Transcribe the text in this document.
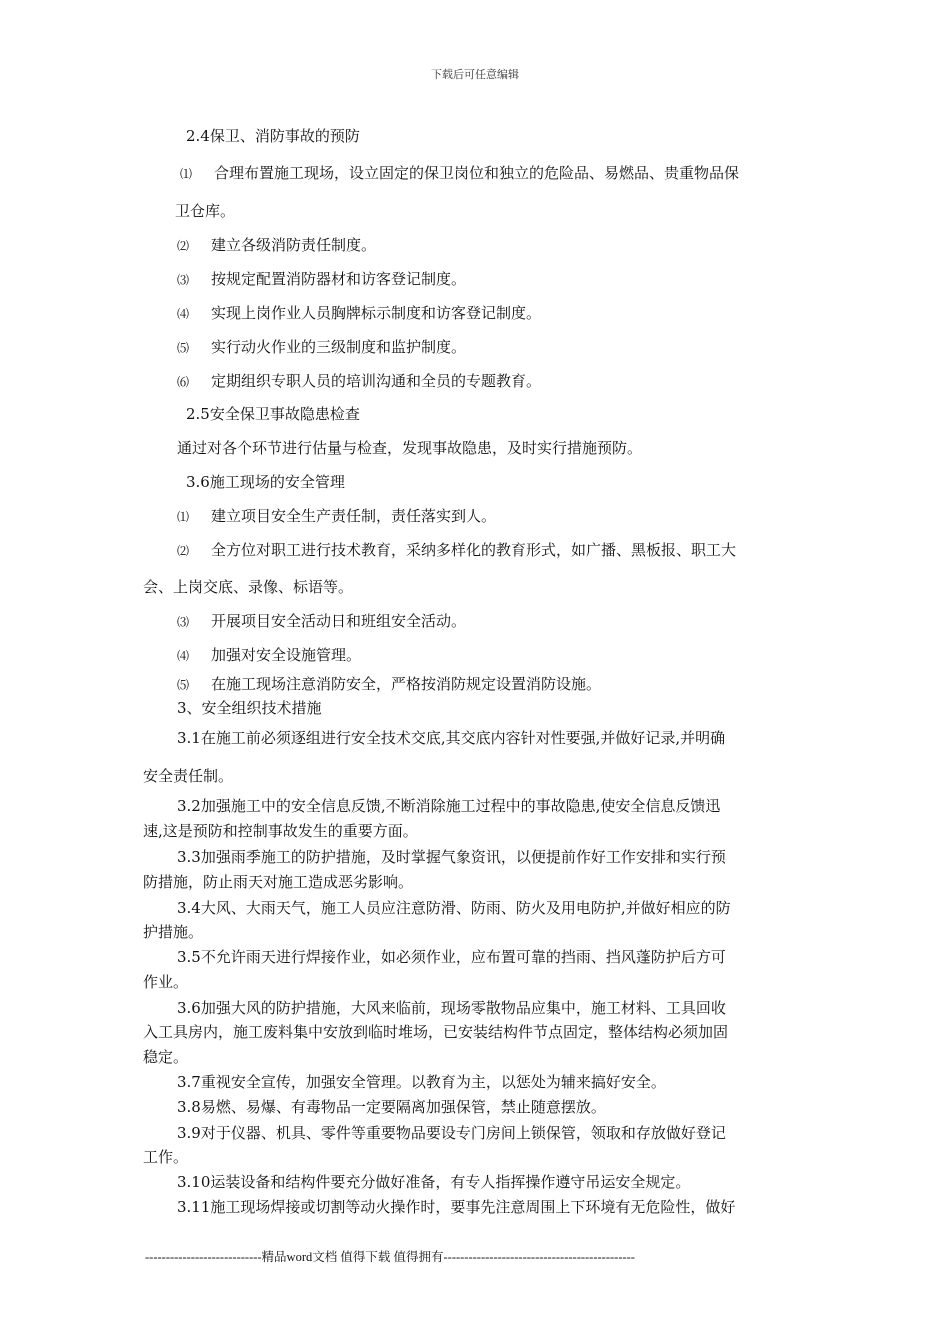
下载后可任意编辑
2.4保卫、消防事故的预防
⑴ 合理布置施工现场，设立固定的保卫岗位和独立的危险品、易燃品、贵重物品保
卫仓库。
⑵ 建立各级消防责任制度。
⑶ 按规定配置消防器材和访客登记制度。
⑷ 实现上岗作业人员胸牌标示制度和访客登记制度。
⑸ 实行动火作业的三级制度和监护制度。
⑹ 定期组织专职人员的培训沟通和全员的专题教育。
2.5安全保卫事故隐患检查
通过对各个环节进行估量与检查，发现事故隐患，及时实行措施预防。
3.6施工现场的安全管理
⑴ 建立项目安全生产责任制，责任落实到人。
⑵ 全方位对职工进行技术教育，采纳多样化的教育形式，如广播、黑板报、职工大
会、上岗交底、录像、标语等。
⑶ 开展项目安全活动日和班组安全活动。
⑷ 加强对安全设施管理。
⑸ 在施工现场注意消防安全，严格按消防规定设置消防设施。
3、安全组织技术措施
3.1在施工前必须逐组进行安全技术交底,其交底内容针对性要强,并做好记录,并明确
安全责任制。
3.2加强施工中的安全信息反馈,不断消除施工过程中的事故隐患,使安全信息反馈迅
速,这是预防和控制事故发生的重要方面。
3.3加强雨季施工的防护措施，及时掌握气象资讯，以便提前作好工作安排和实行预
防措施，防止雨天对施工造成恶劣影响。
3.4大风、大雨天气，施工人员应注意防滑、防雨、防火及用电防护,并做好相应的防
护措施。
3.5不允许雨天进行焊接作业，如必须作业，应布置可靠的挡雨、挡风蓬防护后方可
作业。
3.6加强大风的防护措施，大风来临前，现场零散物品应集中，施工材料、工具回收
入工具房内，施工废料集中安放到临时堆场，已安装结构件节点固定，整体结构必须加固
稳定。
3.7重视安全宣传，加强安全管理。以教育为主，以惩处为辅来搞好安全。
3.8易燃、易爆、有毒物品一定要隔离加强保管，禁止随意摆放。
3.9对于仪器、机具、零件等重要物品要设专门房间上锁保管，领取和存放做好登记
工作。
3.10运装设备和结构件要充分做好准备，有专人指挥操作遵守吊运安全规定。
3.11施工现场焊接或切割等动火操作时，要事先注意周围上下环境有无危险性，做好
----------------------------精品word文档 值得下载 值得拥有----------------------------------------------
